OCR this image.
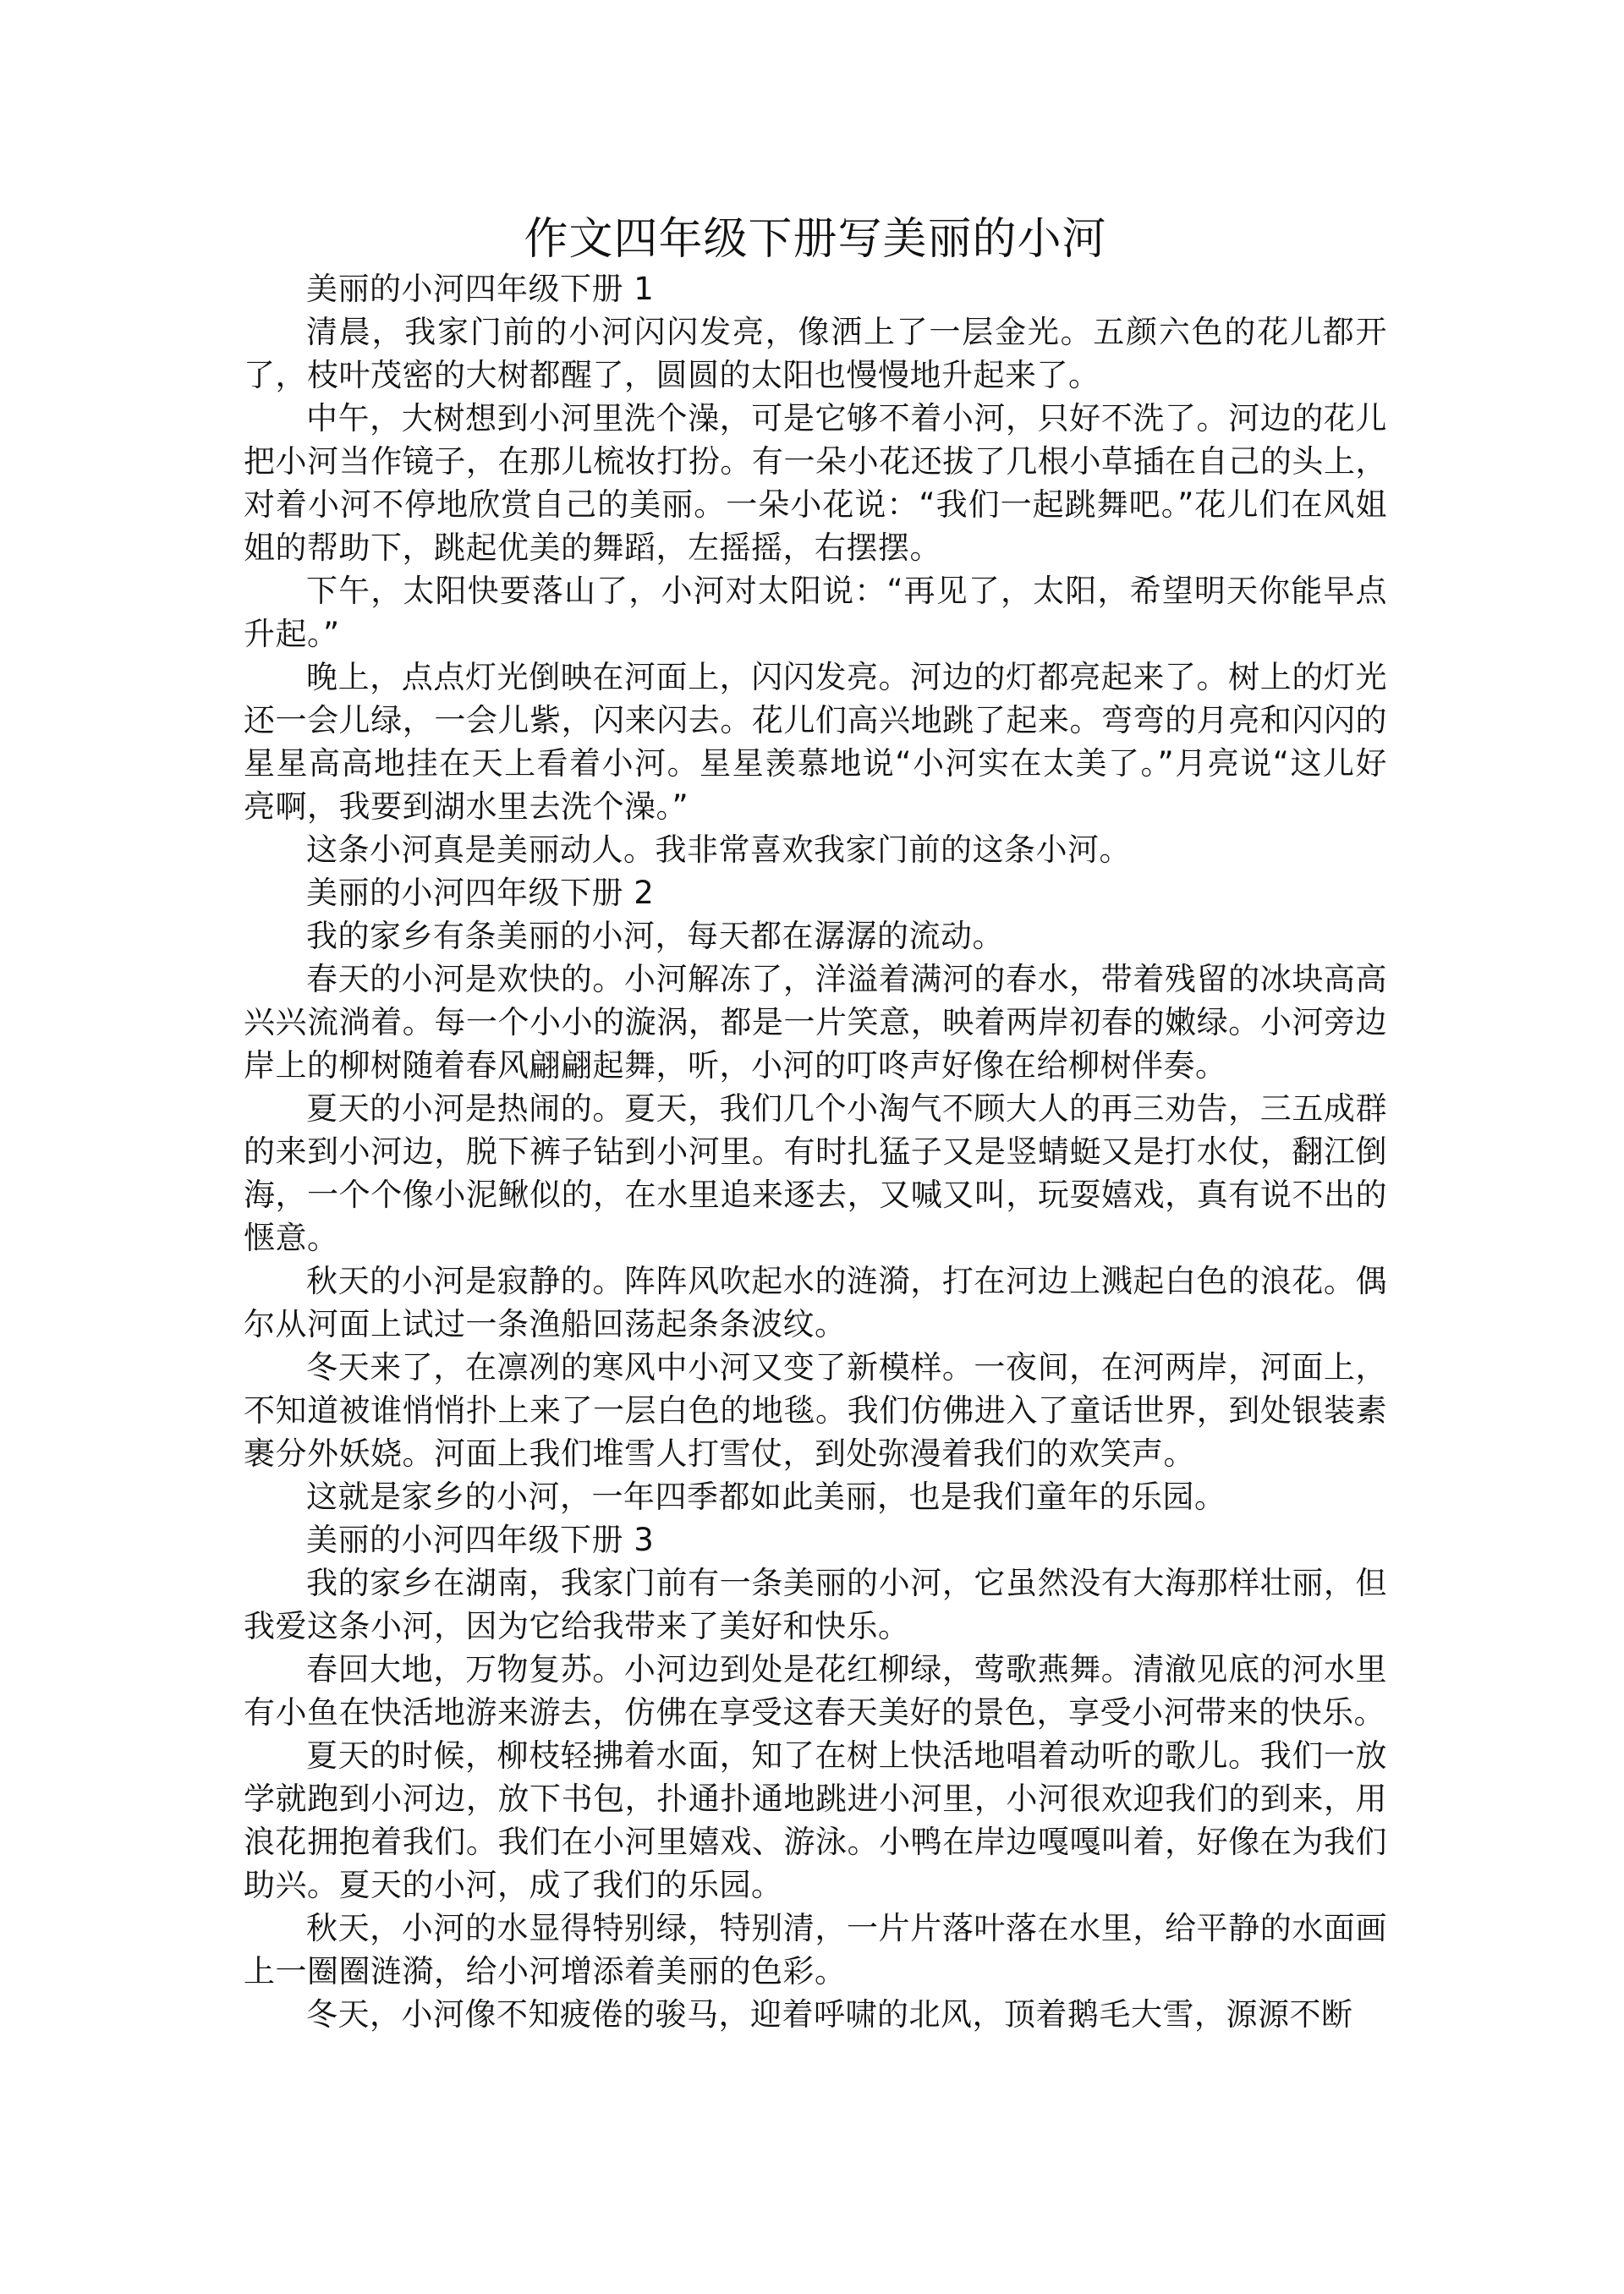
作文四年级下册写美丽的小河

美丽的小河四年级下册 1

清晨，我家门前的小河闪闪发亮，像洒上了一层金光。五颜六色的花儿都开了，枝叶茂密的大树都醒了，圆圆的太阳也慢慢地升起来了。

中午，大树想到小河里洗个澡，可是它够不着小河，只好不洗了。河边的花儿把小河当作镜子，在那儿梳妆打扮。有一朵小花还拔了几根小草插在自己的头上，对着小河不停地欣赏自己的美丽。一朵小花说：“我们一起跳舞吧。”花儿们在风姐姐的帮助下，跳起优美的舞蹈，左摇摇，右摆摆。

下午，太阳快要落山了，小河对太阳说：“再见了，太阳，希望明天你能早点升起。”

晚上，点点灯光倒映在河面上，闪闪发亮。河边的灯都亮起来了。树上的灯光还一会儿绿，一会儿紫，闪来闪去。花儿们高兴地跳了起来。弯弯的月亮和闪闪的星星高高地挂在天上看着小河。星星羡慕地说“小河实在太美了。”月亮说“这儿好亮啊，我要到湖水里去洗个澡。”

这条小河真是美丽动人。我非常喜欢我家门前的这条小河。

美丽的小河四年级下册 2

我的家乡有条美丽的小河，每天都在潺潺的流动。

春天的小河是欢快的。小河解冻了，洋溢着满河的春水，带着残留的冰块高高兴兴流淌着。每一个小小的漩涡，都是一片笑意，映着两岸初春的嫩绿。小河旁边岸上的柳树随着春风翩翩起舞，听，小河的叮咚声好像在给柳树伴奏。

夏天的小河是热闹的。夏天，我们几个小淘气不顾大人的再三劝告，三五成群的来到小河边，脱下裤子钻到小河里。有时扎猛子又是竖蜻蜓又是打水仗，翻江倒海，一个个像小泥鳅似的，在水里追来逐去，又喊又叫，玩耍嬉戏，真有说不出的惬意。

秋天的小河是寂静的。阵阵风吹起水的涟漪，打在河边上溅起白色的浪花。偶尔从河面上试过一条渔船回荡起条条波纹。

冬天来了，在凛冽的寒风中小河又变了新模样。一夜间，在河两岸，河面上，不知道被谁悄悄扑上来了一层白色的地毯。我们仿佛进入了童话世界，到处银装素裹分外妖娆。河面上我们堆雪人打雪仗，到处弥漫着我们的欢笑声。

这就是家乡的小河，一年四季都如此美丽，也是我们童年的乐园。

美丽的小河四年级下册 3

我的家乡在湖南，我家门前有一条美丽的小河，它虽然没有大海那样壮丽，但我爱这条小河，因为它给我带来了美好和快乐。

春回大地，万物复苏。小河边到处是花红柳绿，莺歌燕舞。清澈见底的河水里有小鱼在快活地游来游去，仿佛在享受这春天美好的景色，享受小河带来的快乐。

夏天的时候，柳枝轻拂着水面，知了在树上快活地唱着动听的歌儿。我们一放学就跑到小河边，放下书包，扑通扑通地跳进小河里，小河很欢迎我们的到来，用浪花拥抱着我们。我们在小河里嬉戏、游泳。小鸭在岸边嘎嘎叫着，好像在为我们助兴。夏天的小河，成了我们的乐园。

秋天，小河的水显得特别绿，特别清，一片片落叶落在水里，给平静的水面画上一圈圈涟漪，给小河增添着美丽的色彩。

冬天，小河像不知疲倦的骏马，迎着呼啸的北风，顶着鹅毛大雪，源源不断
